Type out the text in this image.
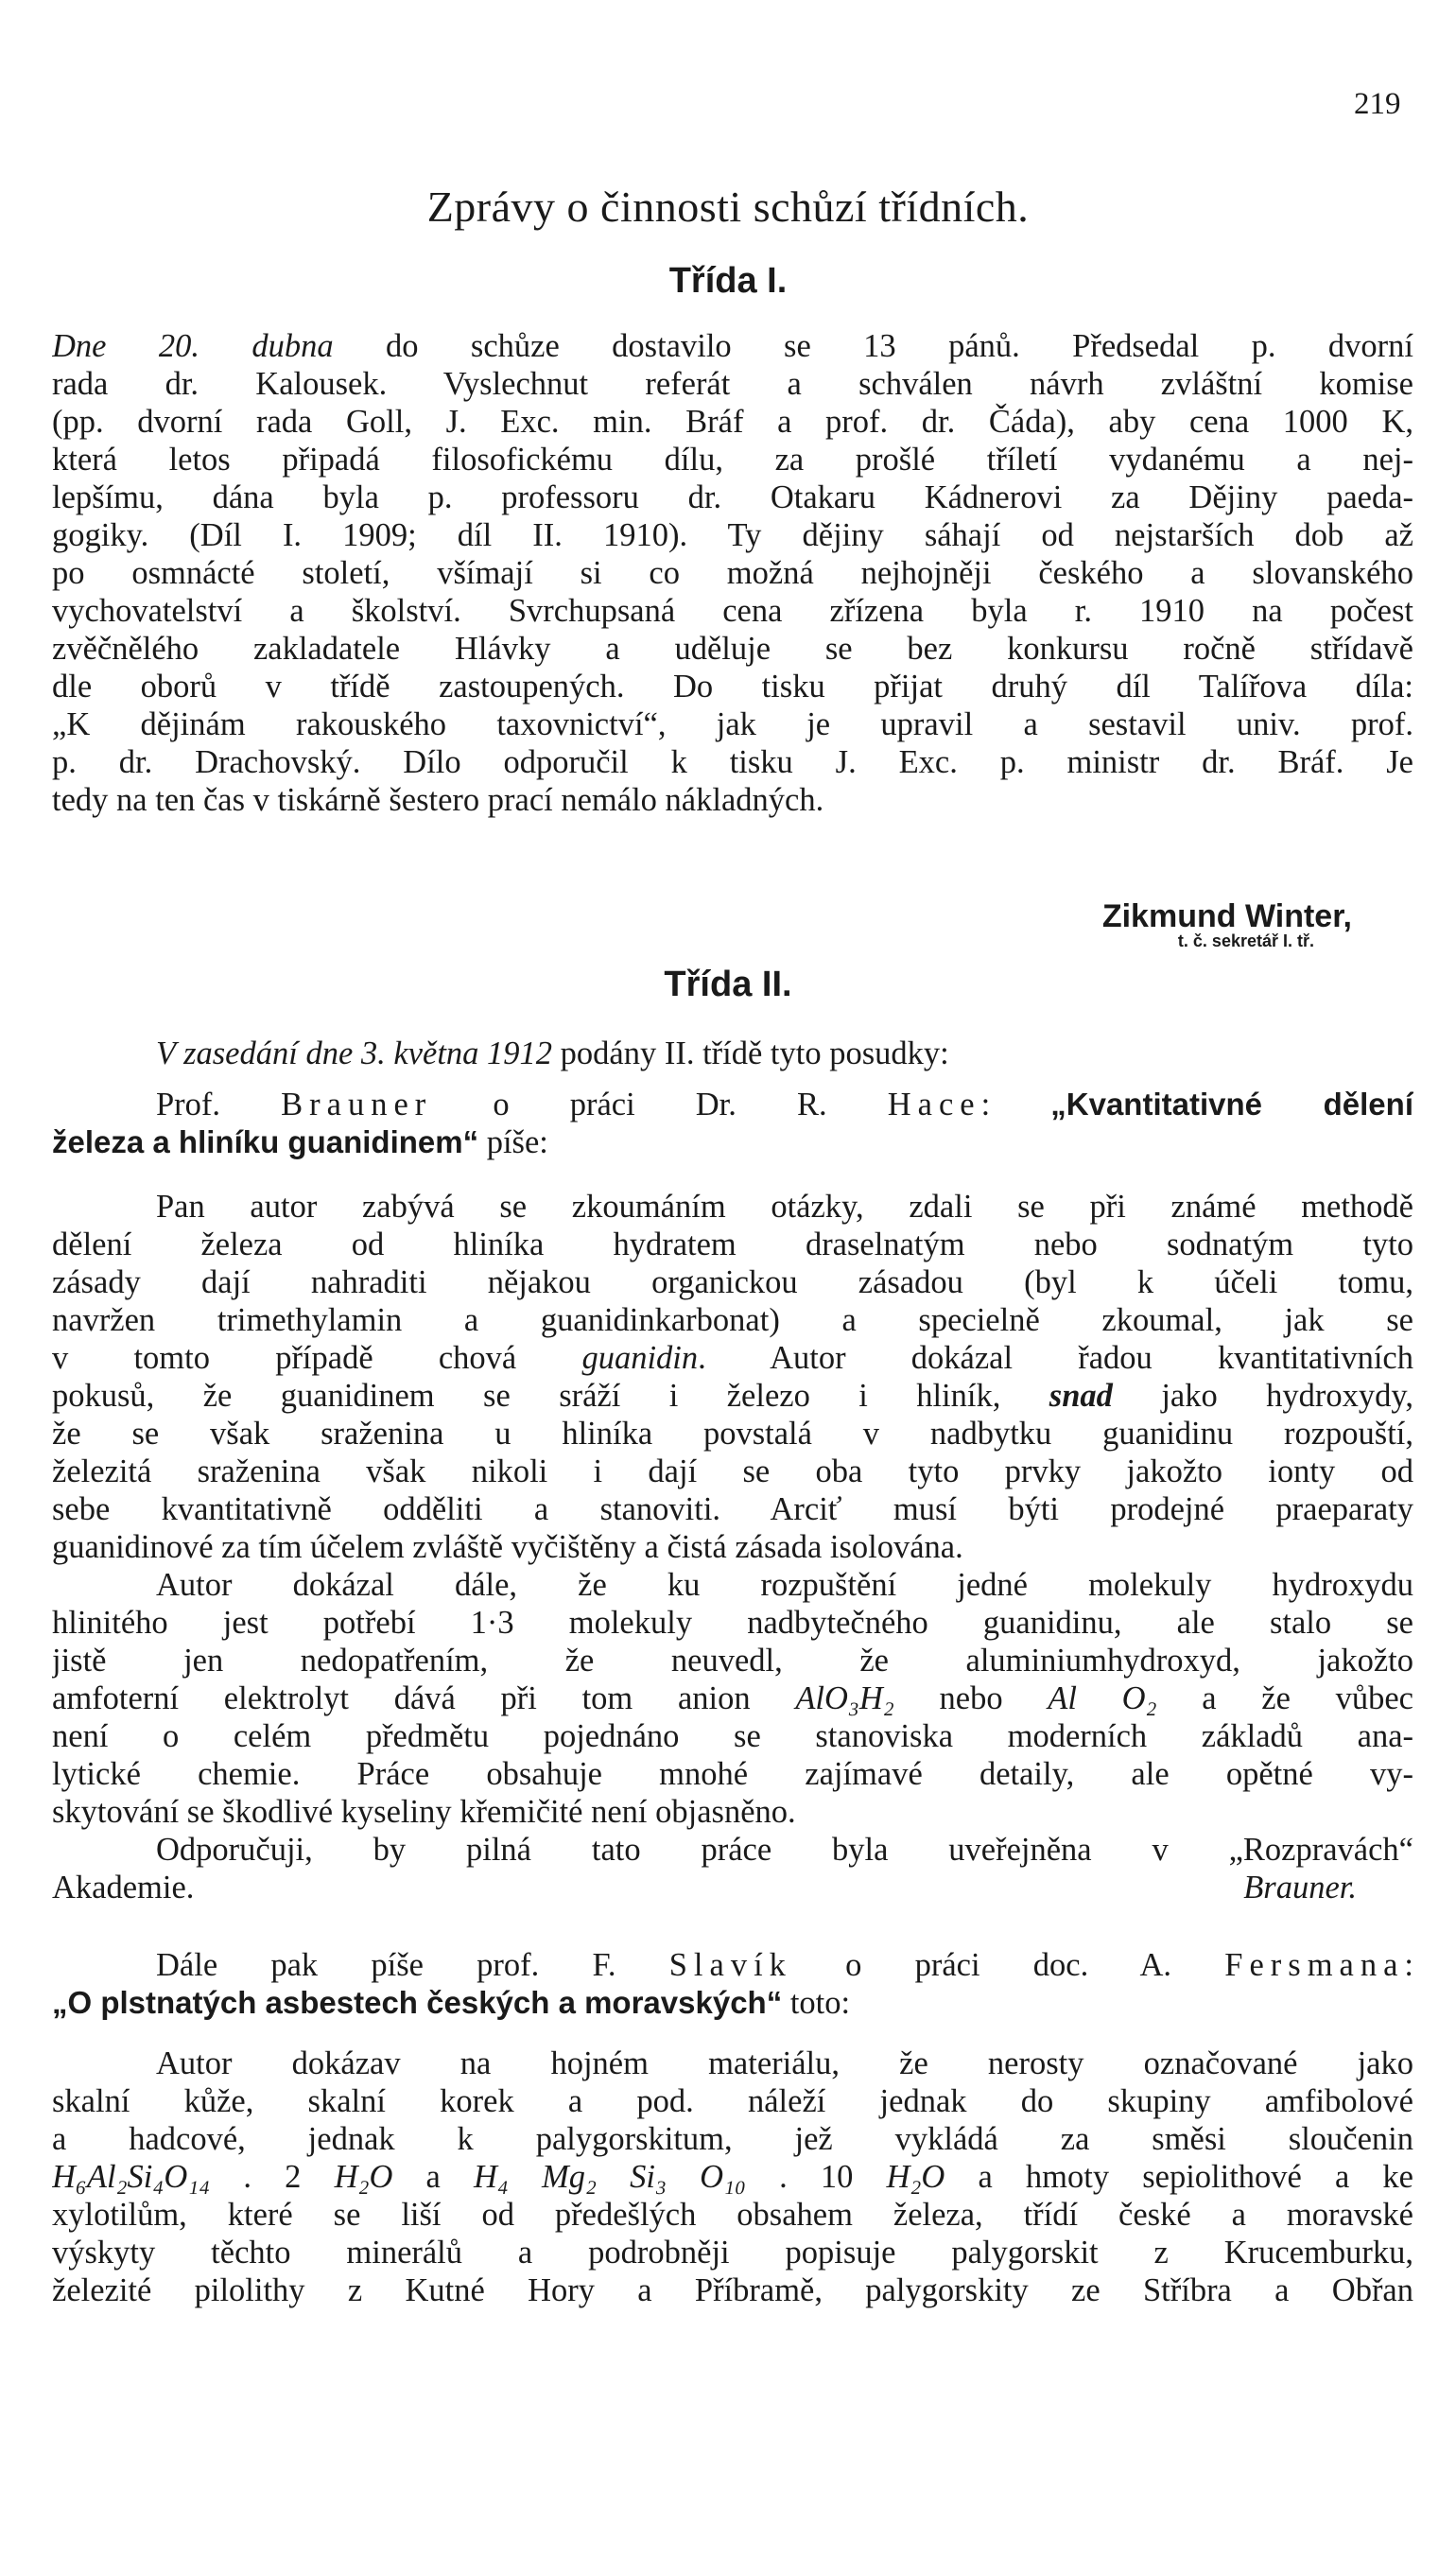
219
Zprávy o činnosti schůzí třídních.
Třída I.
Dne 20. dubna do schůze dostavilo se 13 pánů. Předsedal p. dvorní
rada dr. Kalousek. Vyslechnut referát a schválen návrh zvláštní komise
(pp. dvorní rada Goll, J. Exc. min. Bráf a prof. dr. Čáda), aby cena 1000 K,
která letos připadá filosofickému dílu, za prošlé tříletí vydanému a nej-
lepšímu, dána byla p. professoru dr. Otakaru Kádnerovi za Dějiny paeda-
gogiky. (Díl I. 1909; díl II. 1910). Ty dějiny sáhají od nejstarších dob až
po osmnácté století, všímají si co možná nejhojněji českého a slovanského
vychovatelství a školství. Svrchupsaná cena zřízena byla r. 1910 na počest
zvěčnělého zakladatele Hlávky a uděluje se bez konkursu ročně střídavě
dle oborů v třídě zastoupených. Do tisku přijat druhý díl Talířova díla:
„K dějinám rakouského taxovnictví“, jak je upravil a sestavil univ. prof.
p. dr. Drachovský. Dílo odporučil k tisku J. Exc. p. ministr dr. Bráf. Je
tedy na ten čas v tiskárně šestero prací nemálo nákladných.
Zikmund Winter,
t. č. sekretář I. tř.
Třída II.
V zasedání dne 3. května 1912 podány II. třídě tyto posudky:
Prof. Brauner o práci Dr. R. Hace: „Kvantitativné dělení
železa a hliníku guanidinem“ píše:
Pan autor zabývá se zkoumáním otázky, zdali se při známé methodě
dělení železa od hliníka hydratem draselnatým nebo sodnatým tyto
zásady dají nahraditi nějakou organickou zásadou (byl k účeli tomu,
navržen trimethylamin a guanidinkarbonat) a specielně zkoumal, jak se
v tomto případě chová guanidin. Autor dokázal řadou kvantitativních
pokusů, že guanidinem se sráží i železo i hliník, snad jako hydroxydy,
že se však sraženina u hliníka povstalá v nadbytku guanidinu rozpouští,
železitá sraženina však nikoli i dají se oba tyto prvky jakožto ionty od
sebe kvantitativně odděliti a stanoviti. Arciť musí býti prodejné praeparaty
guanidinové za tím účelem zvláště vyčištěny a čistá zásada isolována.
Autor dokázal dále, že ku rozpuštění jedné molekuly hydroxydu
hlinitého jest potřebí 1·3 molekuly nadbytečného guanidinu, ale stalo se
jistě jen nedopatřením, že neuvedl, že aluminiumhydroxyd, jakožto
amfoterní elektrolyt dává při tom anion AlO₃H₂ nebo Al O₂ a že vůbec
není o celém předmětu pojednáno se stanoviska moderních základů ana-
lytické chemie. Práce obsahuje mnohé zajímavé detaily, ale opětné vy-
skytování se škodlivé kyseliny křemičité není objasněno.
Odporučuji, by pilná tato práce byla uveřejněna v „Rozpravách“
Akademie.	Brauner.
Dále pak píše prof. F. Slavík o práci doc. A. Fersmana:
„O plstnatých asbestech českých a moravských“ toto:
Autor dokázav na hojném materiálu, že nerosty označované jako
skalní kůže, skalní korek a pod. náleží jednak do skupiny amfibolové
a hadcové, jednak k palygorskitum, jež vykládá za směsi sloučenin
H₆Al₂Si₄O₁₄ . 2 H₂O a H₄ Mg₂ Si₃ O₁₀ . 10 H₂O a hmoty sepiolithové a ke
xylotilům, které se liší od předešlých obsahem železa, třídí české a moravské
výskyty těchto minerálů a podrobněji popisuje palygorskit z Krucemburku,
železité pilolithy z Kutné Hory a Příbramě, palygorskity ze Stříbra a Obřan
